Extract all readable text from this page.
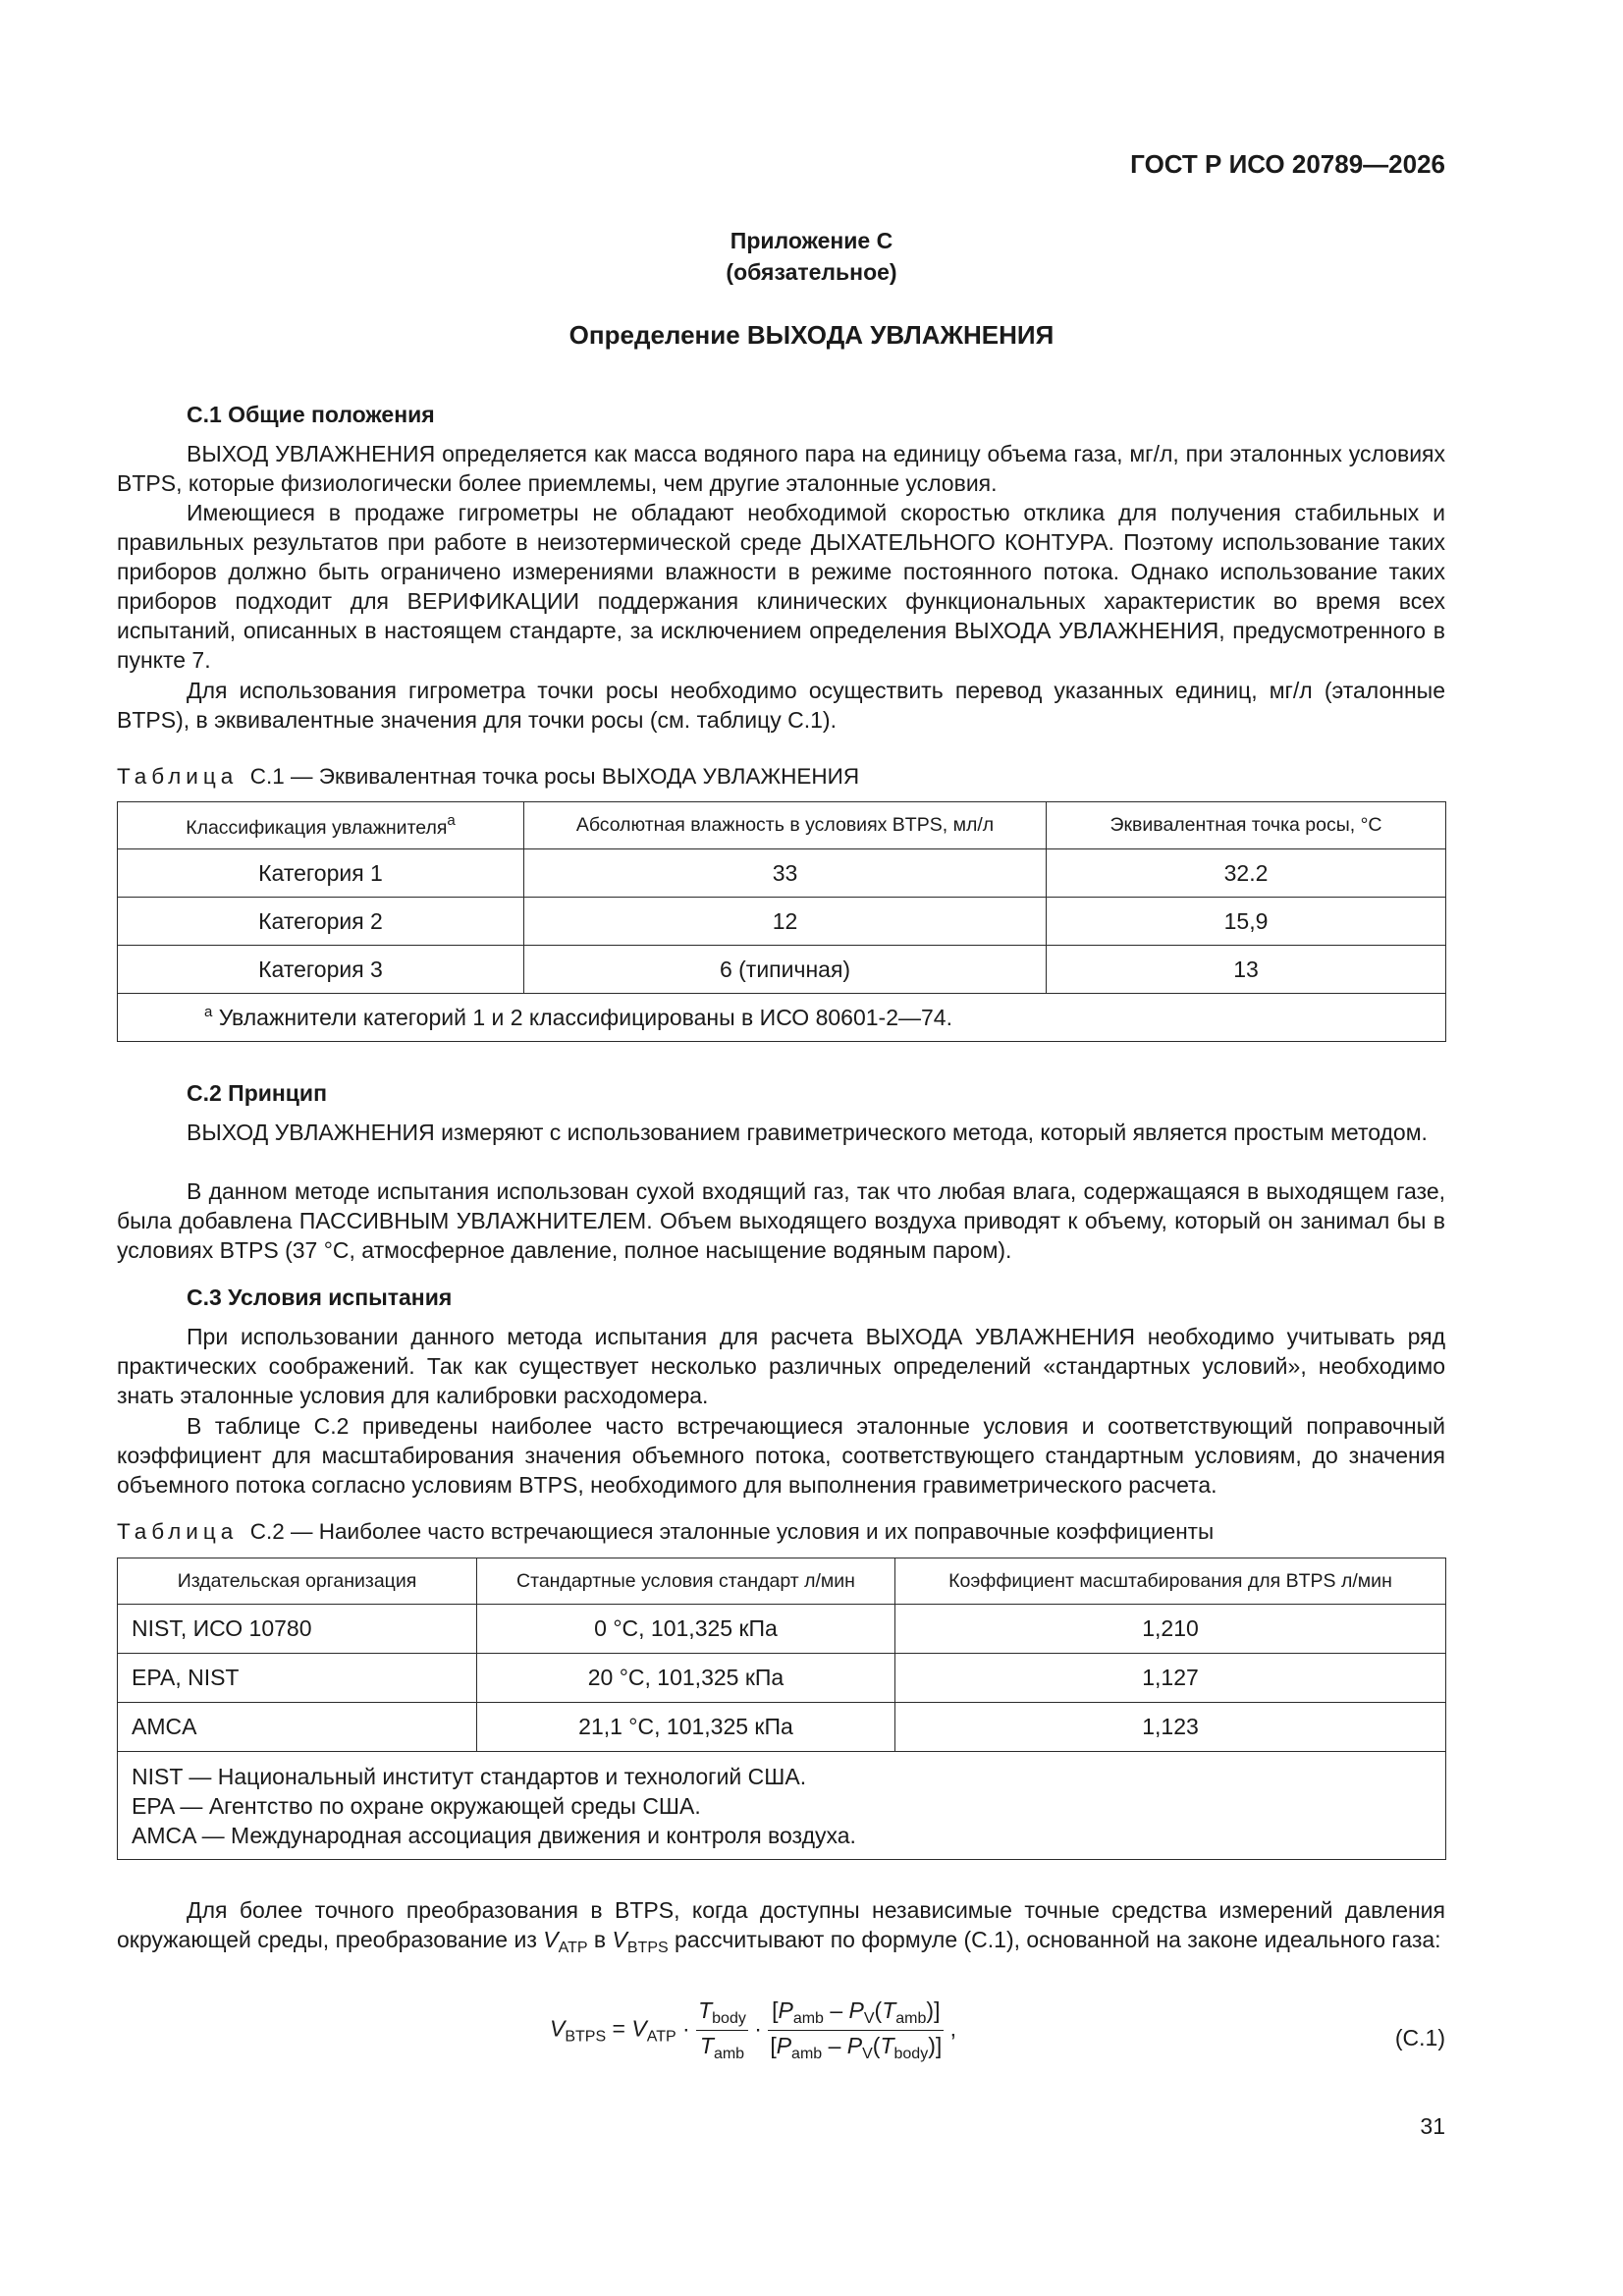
ГОСТ Р ИСО 20789—2026
Приложение С
(обязательное)
Определение ВЫХОДА УВЛАЖНЕНИЯ
С.1 Общие положения
ВЫХОД УВЛАЖНЕНИЯ определяется как масса водяного пара на единицу объема газа, мг/л, при эталонных условиях BTPS, которые физиологически более приемлемы, чем другие эталонные условия.
Имеющиеся в продаже гигрометры не обладают необходимой скоростью отклика для получения стабильных и правильных результатов при работе в неизотермической среде ДЫХАТЕЛЬНОГО КОНТУРА. Поэтому использование таких приборов должно быть ограничено измерениями влажности в режиме постоянного потока. Однако использование таких приборов подходит для ВЕРИФИКАЦИИ поддержания клинических функциональных характеристик во время всех испытаний, описанных в настоящем стандарте, за исключением определения ВЫХОДА УВЛАЖНЕНИЯ, предусмотренного в пункте 7.
Для использования гигрометра точки росы необходимо осуществить перевод указанных единиц, мг/л (эталонные BTPS), в эквивалентные значения для точки росы (см. таблицу С.1).
Таблица С.1 — Эквивалентная точка росы ВЫХОДА УВЛАЖНЕНИЯ
Классификация увлажнителя$^a$	Абсолютная влажность в условиях BTPS, мл/л	Эквивалентная точка росы, °С
Категория 1	33	32.2
Категория 2	12	15,9
Категория 3	6 (типичная)	13
$^a$ Увлажнители категорий 1 и 2 классифицированы в ИСО 80601-2—74.		
С.2 Принцип
ВЫХОД УВЛАЖНЕНИЯ измеряют с использованием гравиметрического метода, который является простым методом.
В данном методе испытания использован сухой входящий газ, так что любая влага, содержащаяся в выходящем газе, была добавлена ПАССИВНЫМ УВЛАЖНИТЕЛЕМ. Объем выходящего воздуха приводят к объему, который он занимал бы в условиях BTPS (37 °С, атмосферное давление, полное насыщение водяным паром).
С.3 Условия испытания
При использовании данного метода испытания для расчета ВЫХОДА УВЛАЖНЕНИЯ необходимо учитывать ряд практических соображений. Так как существует несколько различных определений «стандартных условий», необходимо знать эталонные условия для калибровки расходомера.
В таблице С.2 приведены наиболее часто встречающиеся эталонные условия и соответствующий поправочный коэффициент для масштабирования значения объемного потока, соответствующего стандартным условиям, до значения объемного потока согласно условиям BTPS, необходимого для выполнения гравиметрического расчета.
Таблица С.2 — Наиболее часто встречающиеся эталонные условия и их поправочные коэффициенты
Издательская организация	Стандартные условия стандарт л/мин	Коэффициент масштабирования для BTPS л/мин
NIST, ИСО 10780	0 °С, 101,325 кПа	1,210
EPA, NIST	20 °С, 101,325 кПа	1,127
AMCA	21,1 °С, 101,325 кПа	1,123

NIST — Национальный институт стандартов и технологий США.
EPA — Агентство по охране окружающей среды США.
AMCA — Международная ассоциация движения и контроля воздуха.		
Для более точного преобразования в BTPS, когда доступны независимые точные средства измерений давления окружающей среды, преобразование из $V_{ATP}$ в $V_{BTPS}$ рассчитывают по формуле (С.1), основанной на законе идеального газа:
$V_{BTPS} = V_{ATP} \cdot \frac{T_{body}}{T_{amb}} \cdot \frac{[P_{amb} - P_V(T_{amb})]}{[P_{amb} - P_V(T_{body})]}$ ,	(С.1)
31
